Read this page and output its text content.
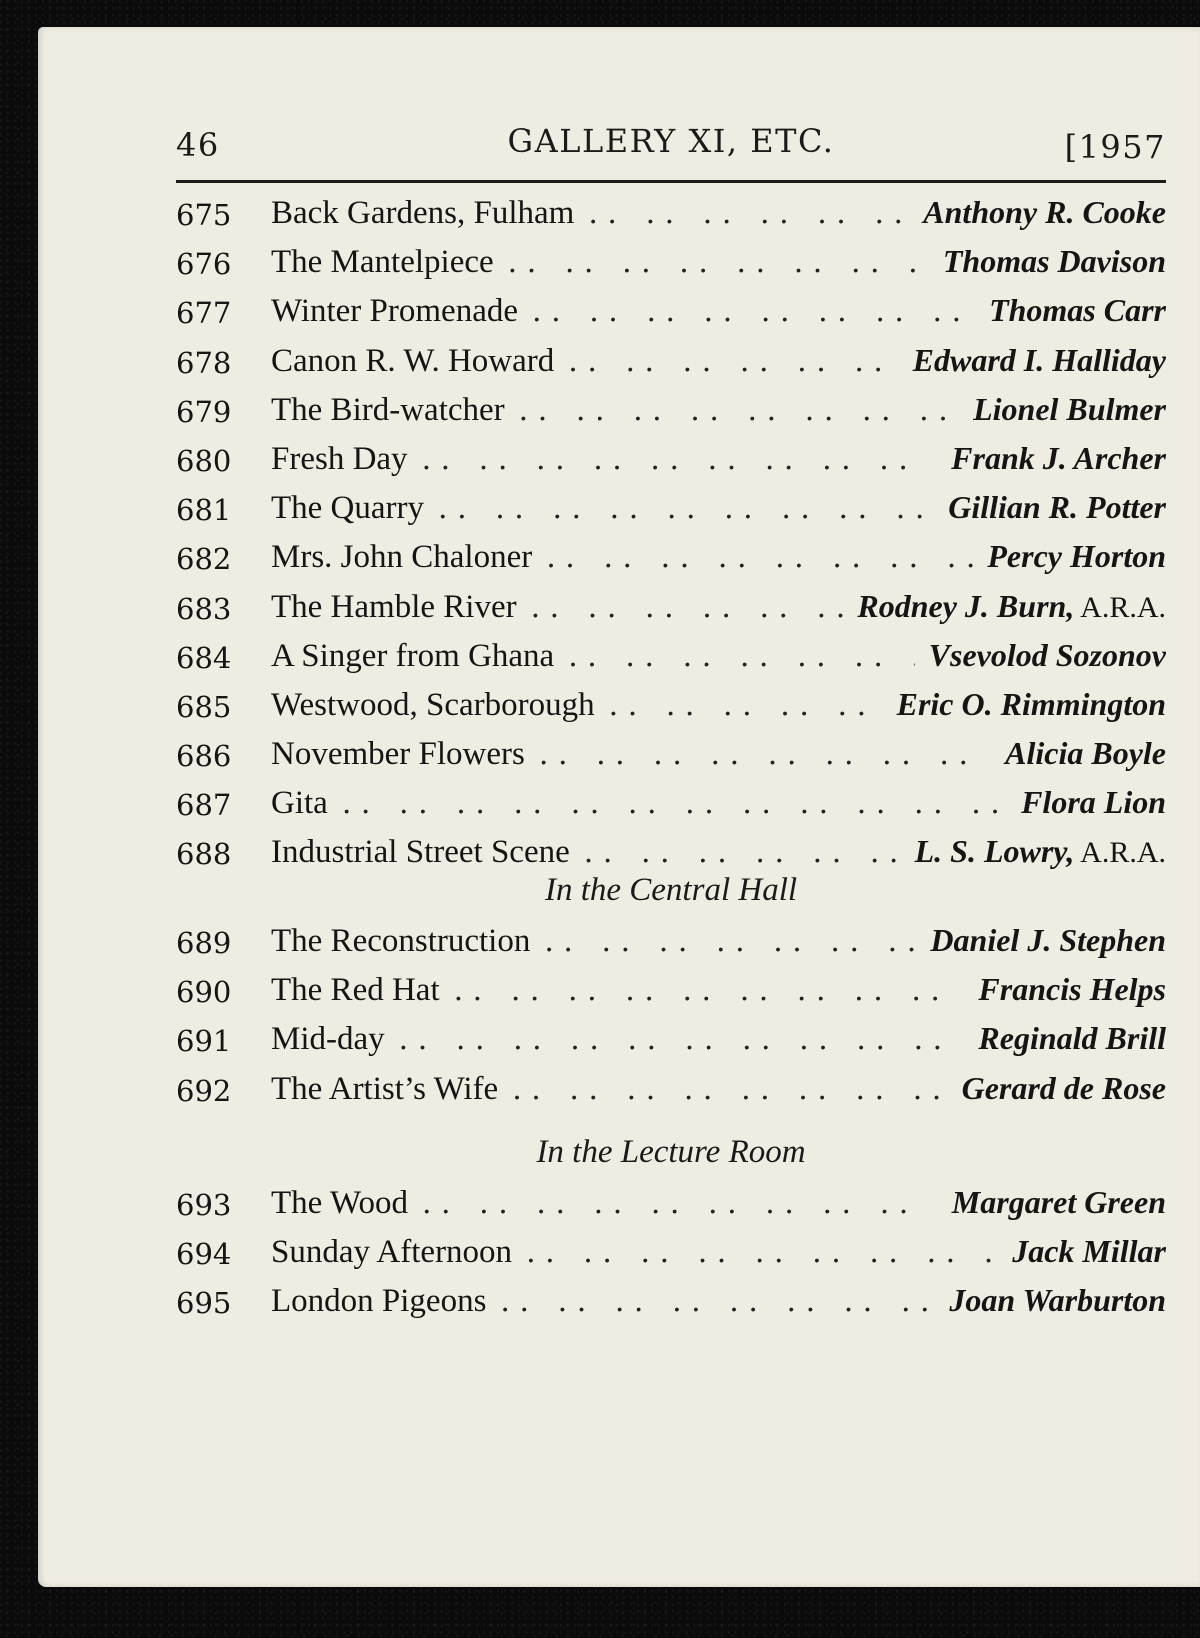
46	GALLERY XI, ETC.	[1957
675 Back Gardens, Fulham . .	Anthony R. Cooke
676 The Mantelpiece . .	Thomas Davison
677 Winter Promenade . .	Thomas Carr
678 Canon R. W. Howard . .	Edward I. Halliday
679 The Bird-watcher . .	Lionel Bulmer
680 Fresh Day . .	Frank J. Archer
681 The Quarry . .	Gillian R. Potter
682 Mrs. John Chaloner . .	Percy Horton
683 The Hamble River . .	Rodney J. Burn, A.R.A.
684 A Singer from Ghana . .	Vsevolod Sozonov
685 Westwood, Scarborough . .	Eric O. Rimmington
686 November Flowers . .	Alicia Boyle
687 Gita . .	Flora Lion
688 Industrial Street Scene . .	L. S. Lowry, A.R.A.
In the Central Hall
689 The Reconstruction . .	Daniel J. Stephen
690 The Red Hat . .	Francis Helps
691 Mid-day . .	Reginald Brill
692 The Artist’s Wife . .	Gerard de Rose
In the Lecture Room
693 The Wood . .	Margaret Green
694 Sunday Afternoon . .	Jack Millar
695 London Pigeons . .	Joan Warburton
